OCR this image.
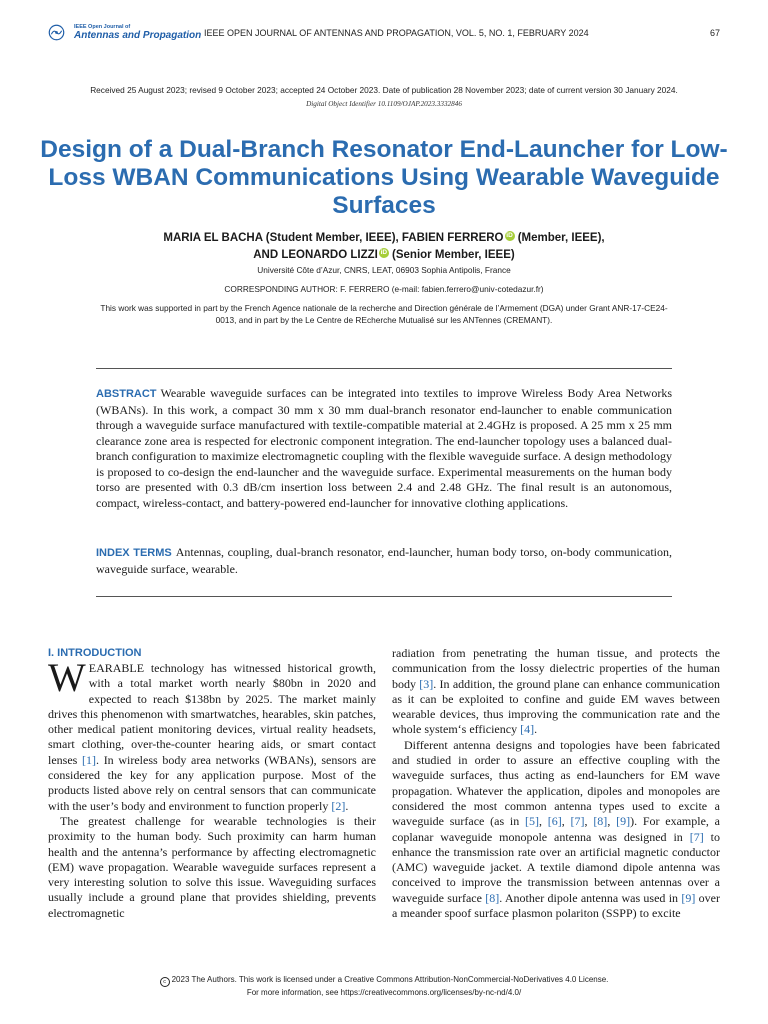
IEEE Open Journal of
Antennas and Propagation IEEE OPEN JOURNAL OF ANTENNAS AND PROPAGATION, VOL. 5, NO. 1, FEBRUARY 2024	67
Received 25 August 2023; revised 9 October 2023; accepted 24 October 2023. Date of publication 28 November 2023; date of current version 30 January 2024.
Digital Object Identifier 10.1109/OJAP.2023.3332846
Design of a Dual-Branch Resonator End-Launcher for Low-Loss WBAN Communications Using Wearable Waveguide Surfaces
MARIA EL BACHA (Student Member, IEEE), FABIEN FERRERO iD (Member, IEEE),
AND LEONARDO LIZZI iD (Senior Member, IEEE)
Université Côte d’Azur, CNRS, LEAT, 06903 Sophia Antipolis, France
CORRESPONDING AUTHOR: F. FERRERO (e-mail: fabien.ferrero@univ-cotedazur.fr)
This work was supported in part by the French Agence nationale de la recherche and Direction générale de l’Armement (DGA) under Grant ANR-17-CE24-0013, and in part by the Le Centre de REcherche Mutualisé sur les ANTennes (CREMANT).
ABSTRACT Wearable waveguide surfaces can be integrated into textiles to improve Wireless Body Area Networks (WBANs). In this work, a compact 30 mm x 30 mm dual-branch resonator end-launcher to enable communication through a waveguide surface manufactured with textile-compatible material at 2.4GHz is proposed. A 25 mm x 25 mm clearance zone area is respected for electronic component integration. The end-launcher topology uses a balanced dual-branch configuration to maximize electromagnetic coupling with the flexible waveguide surface. A design methodology is proposed to co-design the end-launcher and the waveguide surface. Experimental measurements on the human body torso are presented with 0.3 dB/cm insertion loss between 2.4 and 2.48 GHz. The final result is an autonomous, compact, wireless-contact, and battery-powered end-launcher for innovative clothing applications.
INDEX TERMS Antennas, coupling, dual-branch resonator, end-launcher, human body torso, on-body communication, waveguide surface, wearable.
I. INTRODUCTION

WEARABLE technology has witnessed historical growth, with a total market worth nearly $80bn in 2020 and expected to reach $138bn by 2025. The market mainly drives this phenomenon with smartwatches, hearables, skin patches, other medical patient monitoring devices, virtual reality headsets, smart clothing, over-the-counter hearing aids, or smart contact lenses [1]. In wireless body area networks (WBANs), sensors are considered the key for any application purpose. Most of the products listed above rely on central sensors that can communicate with the user’s body and environment to function properly [2].

The greatest challenge for wearable technologies is their proximity to the human body. Such proximity can harm human health and the antenna’s performance by affecting electromagnetic (EM) wave propagation. Wearable waveguide surfaces represent a very interesting solution to solve this issue. Waveguiding surfaces usually include a ground plane that provides shielding, prevents electromagnetic

radiation from penetrating the human tissue, and protects the communication from the lossy dielectric properties of the human body [3]. In addition, the ground plane can enhance communication as it can be exploited to confine and guide EM waves between wearable devices, thus improving the communication rate and the whole system‘s efficiency [4].

Different antenna designs and topologies have been fabricated and studied in order to assure an effective coupling with the waveguide surfaces, thus acting as end-launchers for EM wave propagation. Whatever the application, dipoles and monopoles are considered the most common antenna types used to excite a waveguide surface (as in [5], [6], [7], [8], [9]). For example, a coplanar waveguide monopole antenna was designed in [7] to enhance the transmission rate over an artificial magnetic conductor (AMC) waveguide jacket. A textile diamond dipole antenna was conceived to improve the transmission between antennas over a waveguide surface [8]. Another dipole antenna was used in [9] over a meander spoof surface plasmon polariton (SSPP) to excite

c 2023 The Authors. This work is licensed under a Creative Commons Attribution-NonCommercial-NoDerivatives 4.0 License.
For more information, see https://creativecommons.org/licenses/by-nc-nd/4.0/
